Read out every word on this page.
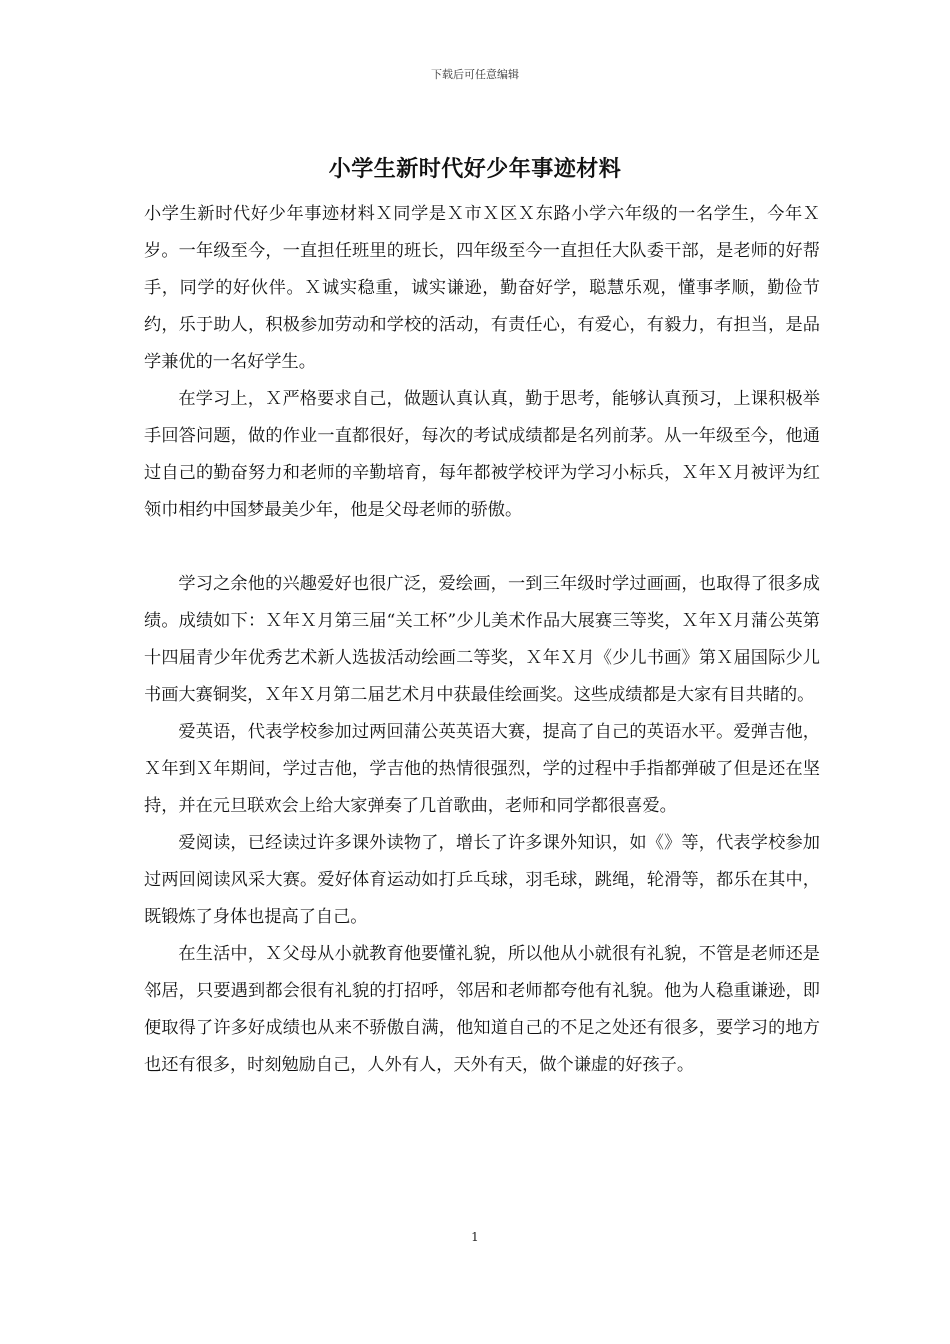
下载后可任意编辑
小学生新时代好少年事迹材料

小学生新时代好少年事迹材料Ｘ同学是Ｘ市Ｘ区Ｘ东路小学六年级的一名学生，今年Ｘ岁。一年级至今，一直担任班里的班长，四年级至今一直担任大队委干部，是老师的好帮手，同学的好伙伴。Ｘ诚实稳重，诚实谦逊，勤奋好学，聪慧乐观，懂事孝顺，勤俭节约，乐于助人，积极参加劳动和学校的活动，有责任心，有爱心，有毅力，有担当，是品学兼优的一名好学生。

在学习上，Ｘ严格要求自己，做题认真认真，勤于思考，能够认真预习，上课积极举手回答问题，做的作业一直都很好，每次的考试成绩都是名列前茅。从一年级至今，他通过自己的勤奋努力和老师的辛勤培育，每年都被学校评为学习小标兵，Ｘ年Ｘ月被评为红领巾相约中国梦最美少年，他是父母老师的骄傲。

学习之余他的兴趣爱好也很广泛，爱绘画，一到三年级时学过画画，也取得了很多成绩。成绩如下：Ｘ年Ｘ月第三届“关工杯”少儿美术作品大展赛三等奖，Ｘ年Ｘ月蒲公英第十四届青少年优秀艺术新人选拔活动绘画二等奖，Ｘ年Ｘ月《少儿书画》第Ｘ届国际少儿书画大赛铜奖，Ｘ年Ｘ月第二届艺术月中获最佳绘画奖。这些成绩都是大家有目共睹的。

爱英语，代表学校参加过两回蒲公英英语大赛，提高了自己的英语水平。爱弹吉他，Ｘ年到Ｘ年期间，学过吉他，学吉他的热情很强烈，学的过程中手指都弹破了但是还在坚持，并在元旦联欢会上给大家弹奏了几首歌曲，老师和同学都很喜爱。

爱阅读，已经读过许多课外读物了，增长了许多课外知识，如《》等，代表学校参加过两回阅读风采大赛。爱好体育运动如打乒乓球，羽毛球，跳绳，轮滑等，都乐在其中，既锻炼了身体也提高了自己。

在生活中，Ｘ父母从小就教育他要懂礼貌，所以他从小就很有礼貌，不管是老师还是邻居，只要遇到都会很有礼貌的打招呼，邻居和老师都夸他有礼貌。他为人稳重谦逊，即便取得了许多好成绩也从来不骄傲自满，他知道自己的不足之处还有很多，要学习的地方也还有很多，时刻勉励自己，人外有人，天外有天，做个谦虚的好孩子。

1
